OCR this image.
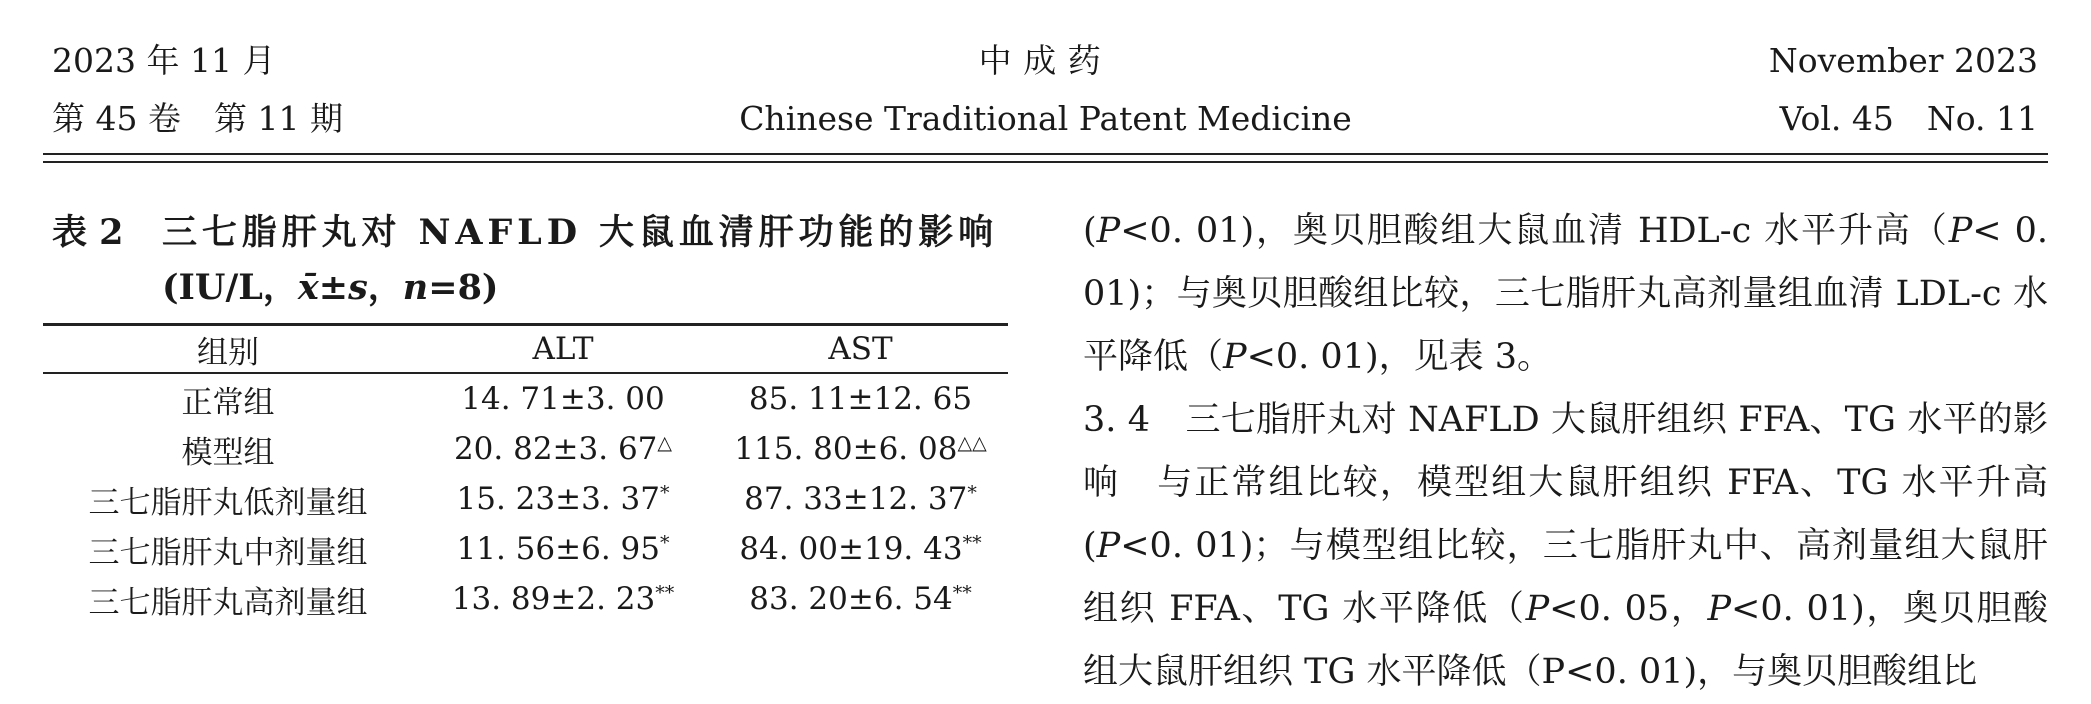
2023 年 11 月
第 45 卷　第 11 期
中成药
Chinese Traditional Patent Medicine
November 2023
Vol. 45　No. 11
表 2 三七脂肝丸对 NAFLD 大鼠血清肝功能的影响
(IU/L，x̄±s，n=8)
组别	ALT	AST
正常组	14. 71±3. 00	85. 11±12. 65
模型组	20. 82±3. 67△	115. 80±6. 08△△
三七脂肝丸低剂量组	15. 23±3. 37*	87. 33±12. 37*
三七脂肝丸中剂量组	11. 56±6. 95*	84. 00±19. 43**
三七脂肝丸高剂量组	13. 89±2. 23**	83. 20±6. 54**

(P<0. 01)，奥贝胆酸组大鼠血清 HDL-c 水平升高（P< 0. 01)；与奥贝胆酸组比较，三七脂肝丸高剂量组血清 LDL-c 水平降低（P<0. 01)，见表 3。

3. 4　 三七脂肝丸对 NAFLD 大鼠肝组织 FFA、TG 水平的影响　 与正常组比较，模型组大鼠肝组织 FFA、TG 水平升高 (P<0. 01)；与模型组比较，三七脂肝丸中、高剂量组大鼠肝组织 FFA、TG 水平降低（P<0. 05，P<0. 01)，奥贝胆酸组大鼠肝组织 TG 水平降低（P<0. 01)，与奥贝胆酸组比
